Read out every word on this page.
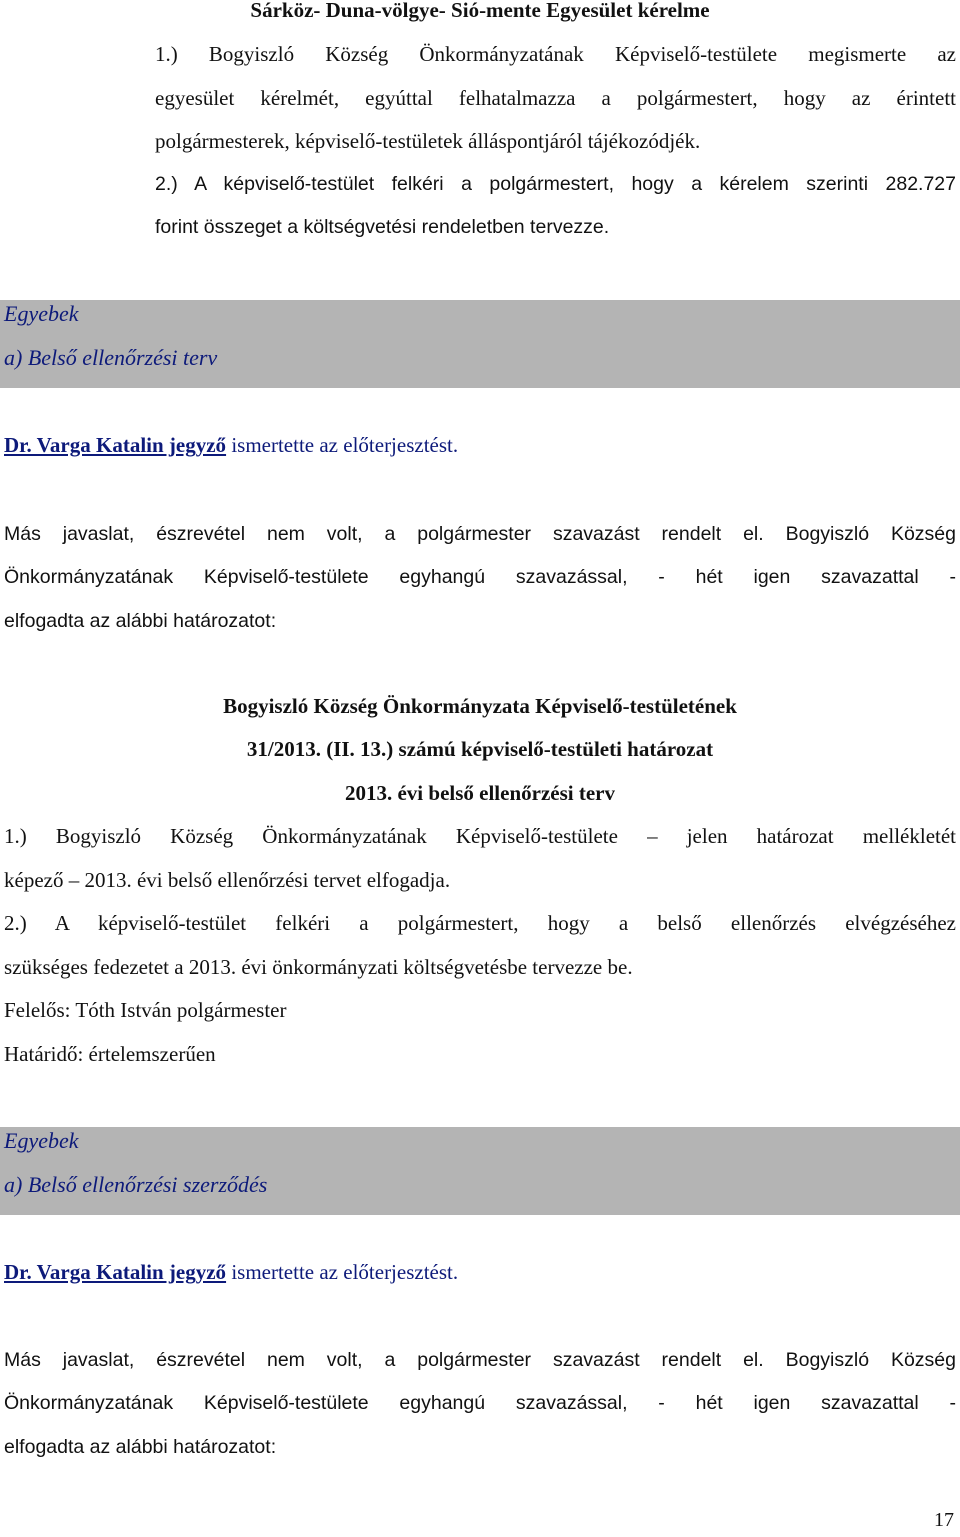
Sárköz- Duna-völgye- Sió-mente Egyesület kérelme
1.) Bogyiszló Község Önkormányzatának Képviselő-testülete megismerte az
egyesület kérelmét, egyúttal felhatalmazza a polgármestert, hogy az érintett
polgármesterek, képviselő-testületek álláspontjáról tájékozódjék.
2.) A képviselő-testület felkéri a polgármestert, hogy a kérelem szerinti 282.727
forint összeget a költségvetési rendeletben tervezze.
Egyebek
a) Belső ellenőrzési terv
Dr. Varga Katalin jegyző ismertette az előterjesztést.
Más javaslat, észrevétel nem volt, a polgármester szavazást rendelt el. Bogyiszló Község
Önkormányzatának Képviselő-testülete egyhangú szavazással, - hét igen szavazattal -
elfogadta az alábbi határozatot:
Bogyiszló Község Önkormányzata Képviselő-testületének
31/2013. (II. 13.) számú képviselő-testületi határozat
2013. évi belső ellenőrzési terv
1.) Bogyiszló Község Önkormányzatának Képviselő-testülete – jelen határozat mellékletét
képező – 2013. évi belső ellenőrzési tervet elfogadja.
2.) A képviselő-testület felkéri a polgármestert, hogy a belső ellenőrzés elvégzéséhez
szükséges fedezetet a 2013. évi önkormányzati költségvetésbe tervezze be.
Felelős: Tóth István polgármester
Határidő: értelemszerűen
Egyebek
a) Belső ellenőrzési szerződés
Dr. Varga Katalin jegyző ismertette az előterjesztést.
Más javaslat, észrevétel nem volt, a polgármester szavazást rendelt el. Bogyiszló Község
Önkormányzatának Képviselő-testülete egyhangú szavazással, - hét igen szavazattal -
elfogadta az alábbi határozatot:
17
